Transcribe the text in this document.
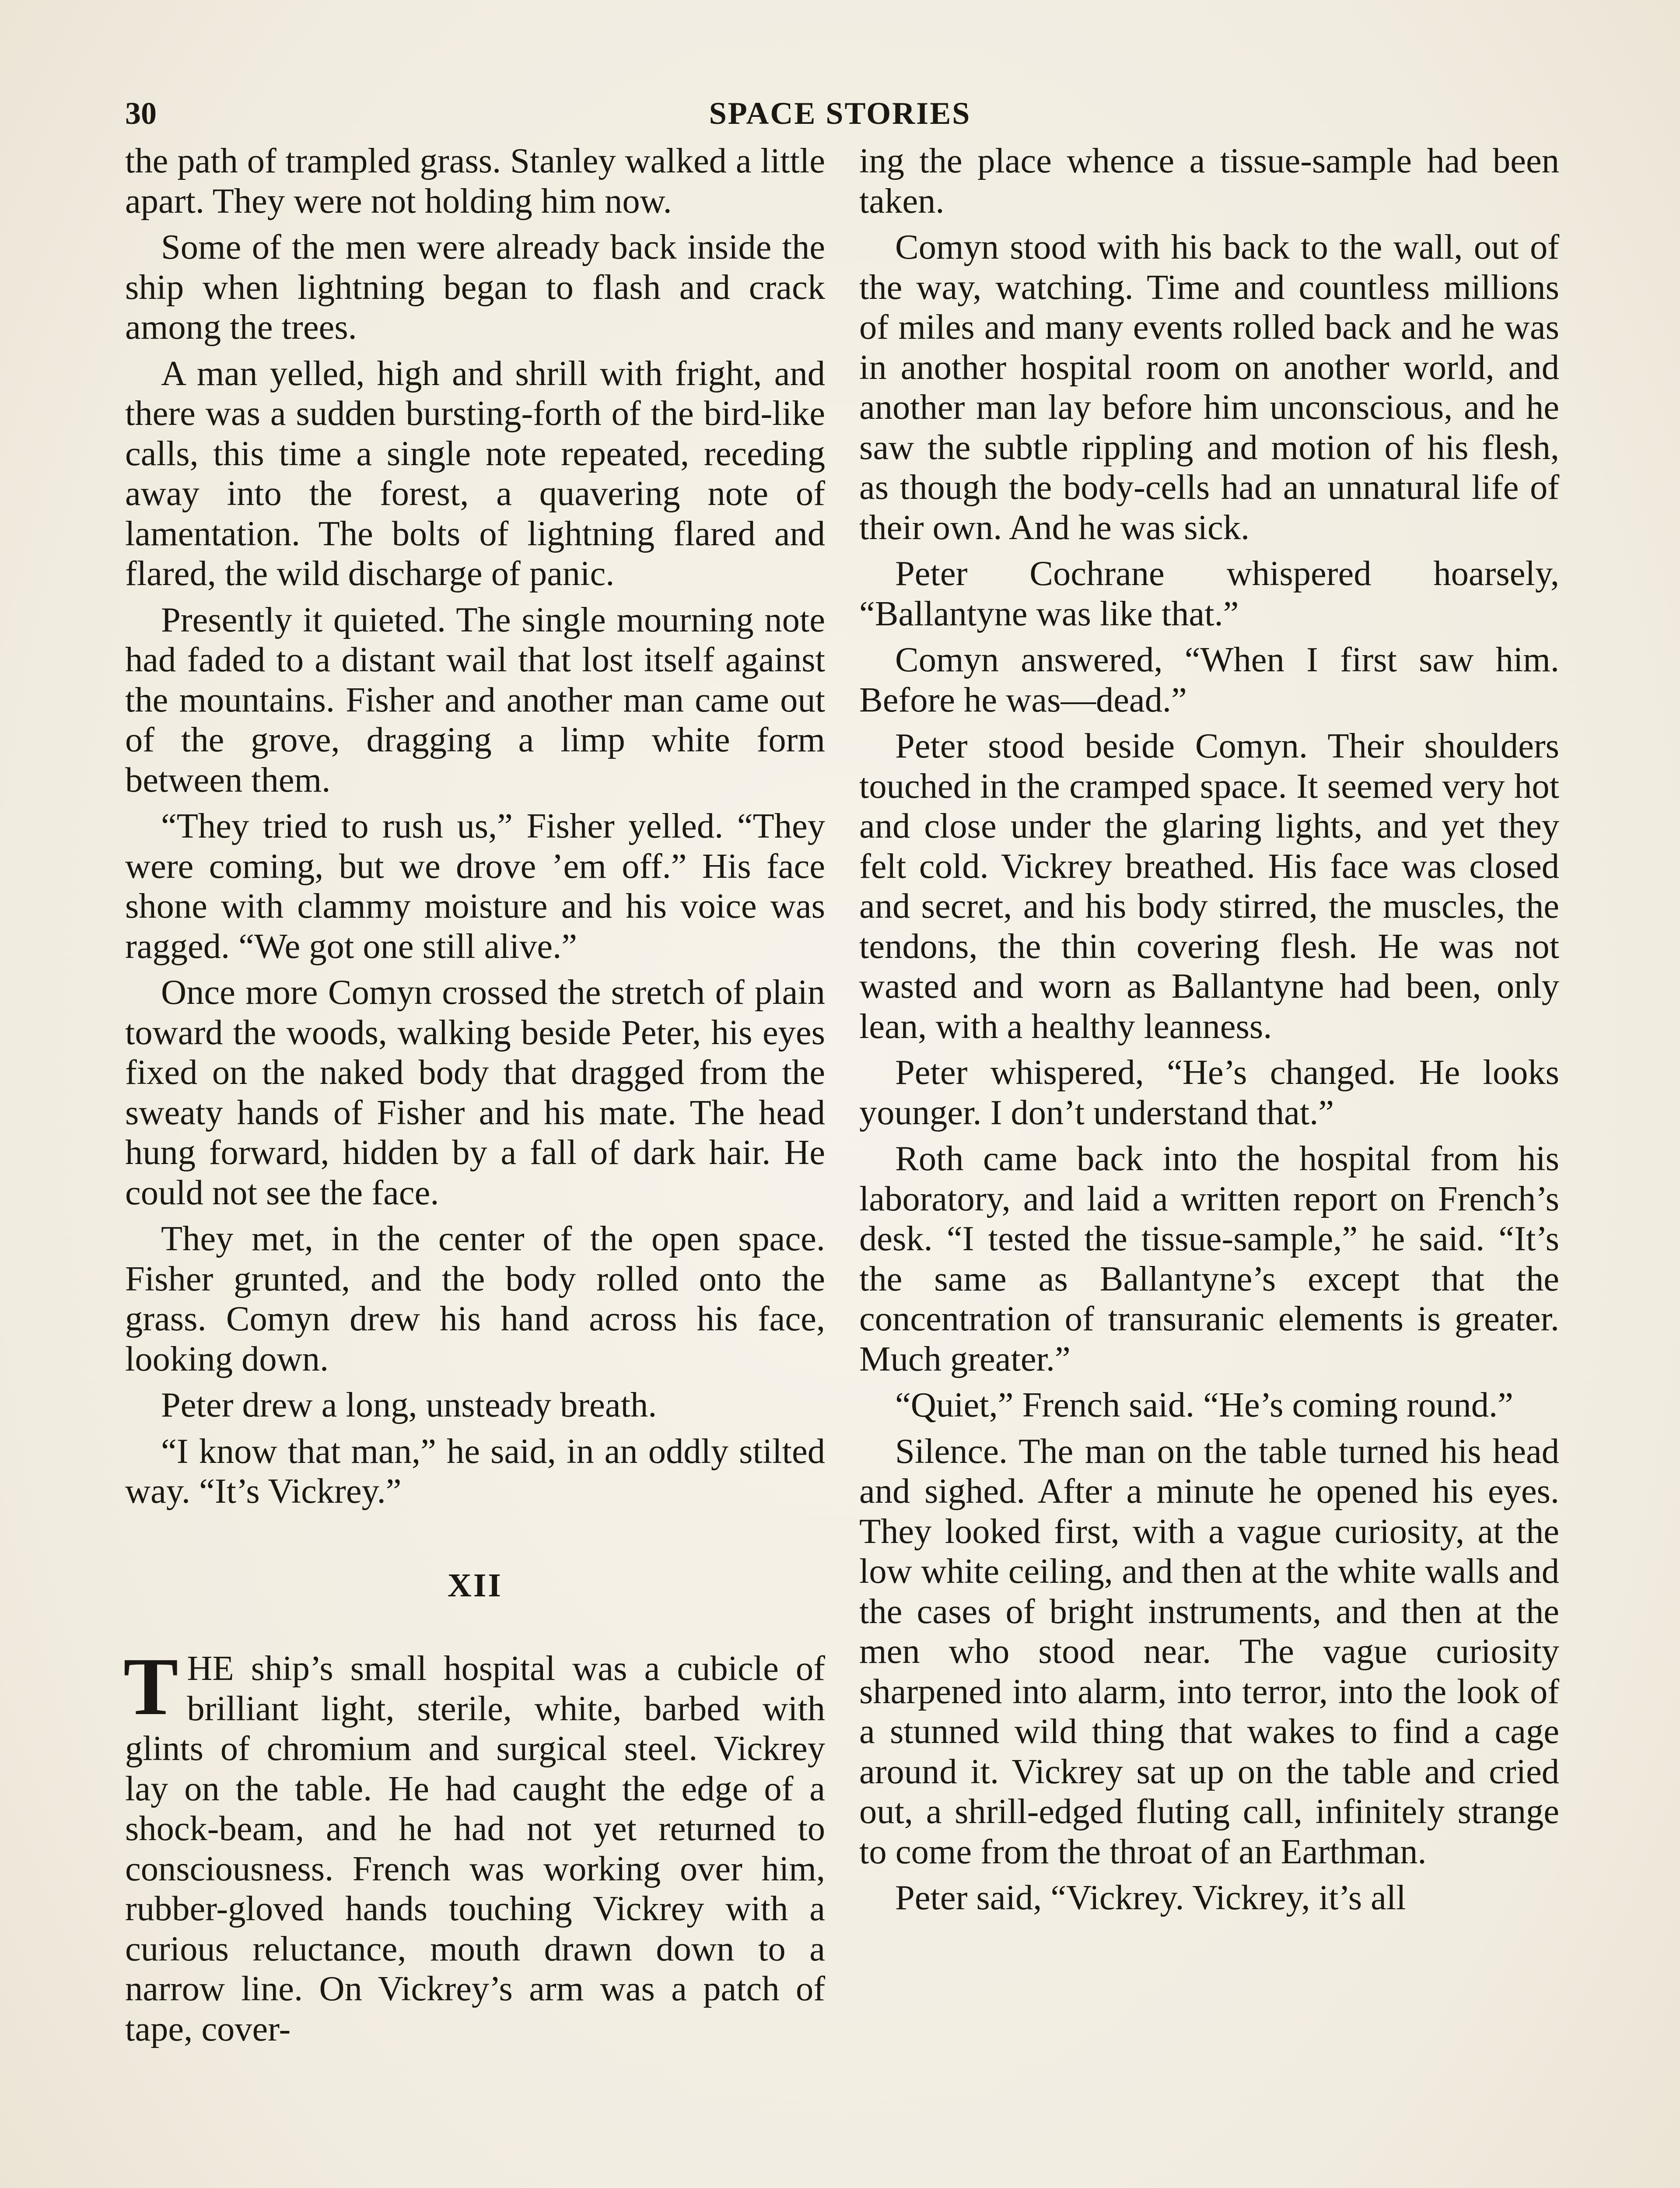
30	SPACE STORIES

the path of trampled grass. Stanley walked a little apart. They were not holding him now.

Some of the men were already back inside the ship when lightning began to flash and crack among the trees.

A man yelled, high and shrill with fright, and there was a sudden bursting-forth of the bird-like calls, this time a single note repeated, receding away into the forest, a quavering note of lamentation. The bolts of lightning flared and flared, the wild discharge of panic.

Presently it quieted. The single mourning note had faded to a distant wail that lost itself against the mountains. Fisher and another man came out of the grove, dragging a limp white form between them.

“They tried to rush us,” Fisher yelled. “They were coming, but we drove ’em off.” His face shone with clammy moisture and his voice was ragged. “We got one still alive.”

Once more Comyn crossed the stretch of plain toward the woods, walking beside Peter, his eyes fixed on the naked body that dragged from the sweaty hands of Fisher and his mate. The head hung forward, hidden by a fall of dark hair. He could not see the face.

They met, in the center of the open space. Fisher grunted, and the body rolled onto the grass. Comyn drew his hand across his face, looking down.

Peter drew a long, unsteady breath.

“I know that man,” he said, in an oddly stilted way. “It’s Vickrey.”

XII

THE ship’s small hospital was a cubicle of brilliant light, sterile, white, barbed with glints of chromium and surgical steel. Vickrey lay on the table. He had caught the edge of a shock-beam, and he had not yet returned to consciousness. French was working over him, rubber-gloved hands touching Vickrey with a curious reluctance, mouth drawn down to a narrow line. On Vickrey’s arm was a patch of tape, cover-

ing the place whence a tissue-sample had been taken.

Comyn stood with his back to the wall, out of the way, watching. Time and countless millions of miles and many events rolled back and he was in another hospital room on another world, and another man lay before him unconscious, and he saw the subtle rippling and motion of his flesh, as though the body-cells had an unnatural life of their own. And he was sick.

Peter Cochrane whispered hoarsely, “Ballantyne was like that.”

Comyn answered, “When I first saw him. Before he was—dead.”

Peter stood beside Comyn. Their shoulders touched in the cramped space. It seemed very hot and close under the glaring lights, and yet they felt cold. Vickrey breathed. His face was closed and secret, and his body stirred, the muscles, the tendons, the thin covering flesh. He was not wasted and worn as Ballantyne had been, only lean, with a healthy leanness.

Peter whispered, “He’s changed. He looks younger. I don’t understand that.”

Roth came back into the hospital from his laboratory, and laid a written report on French’s desk. “I tested the tissue-sample,” he said. “It’s the same as Ballantyne’s except that the concentration of transuranic elements is greater. Much greater.”

“Quiet,” French said. “He’s coming round.”

Silence. The man on the table turned his head and sighed. After a minute he opened his eyes. They looked first, with a vague curiosity, at the low white ceiling, and then at the white walls and the cases of bright instruments, and then at the men who stood near. The vague curiosity sharpened into alarm, into terror, into the look of a stunned wild thing that wakes to find a cage around it. Vickrey sat up on the table and cried out, a shrill-edged fluting call, infinitely strange to come from the throat of an Earthman.

Peter said, “Vickrey. Vickrey, it’s all
